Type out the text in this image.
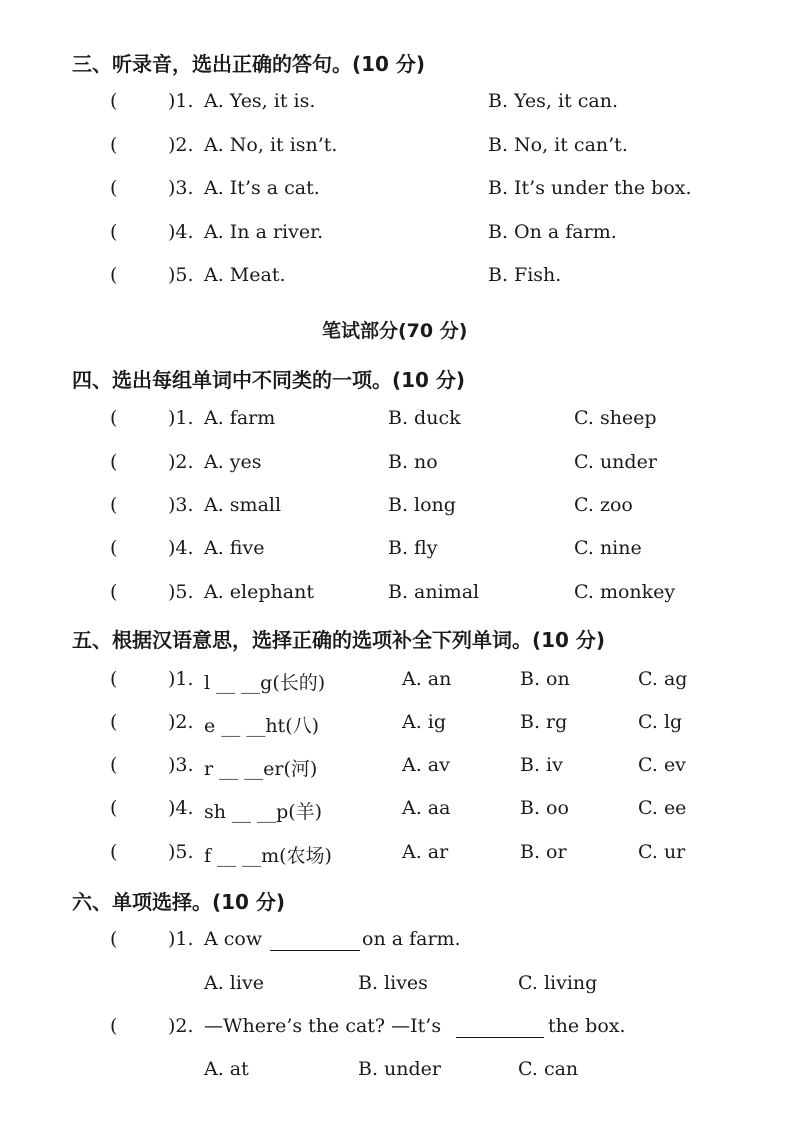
三、听录音，选出正确的答句。(10 分)
(	)1. A. Yes, it is.	B. Yes, it can.
(	)2. A. No, it isn’t.	B. No, it can’t.
(	)3. A. It’s a cat.	B. It’s under the box.
(	)4. A. In a river.	B. On a farm.
(	)5. A. Meat.	B. Fish.
笔试部分(70 分)
四、选出每组单词中不同类的一项。(10 分)
(	)1. A. farm	B. duck	C. sheep
(	)2. A. yes	B. no	C. under
(	)3. A. small	B. long	C. zoo
(	)4. A. five	B. fly	C. nine
(	)5. A. elephant	B. animal	C. monkey
五、根据汉语意思，选择正确的选项补全下列单词。(10 分)
(	)1. l __ __g(长的)	A. an	B. on	C. ag
(	)2. e __ __ht(八)	A. ig	B. rg	C. lg
(	)3. r __ __er(河)	A. av	B. iv	C. ev
(	)4. sh __ __p(羊)	A. aa	B. oo	C. ee
(	)5. f __ __m(农场)	A. ar	B. or	C. ur
六、单项选择。(10 分)
(	)1. A cow	on a farm.
A. live	B. lives	C. living
(	)2. —Where’s the cat? —It’s	the box.
A. at	B. under	C. can
